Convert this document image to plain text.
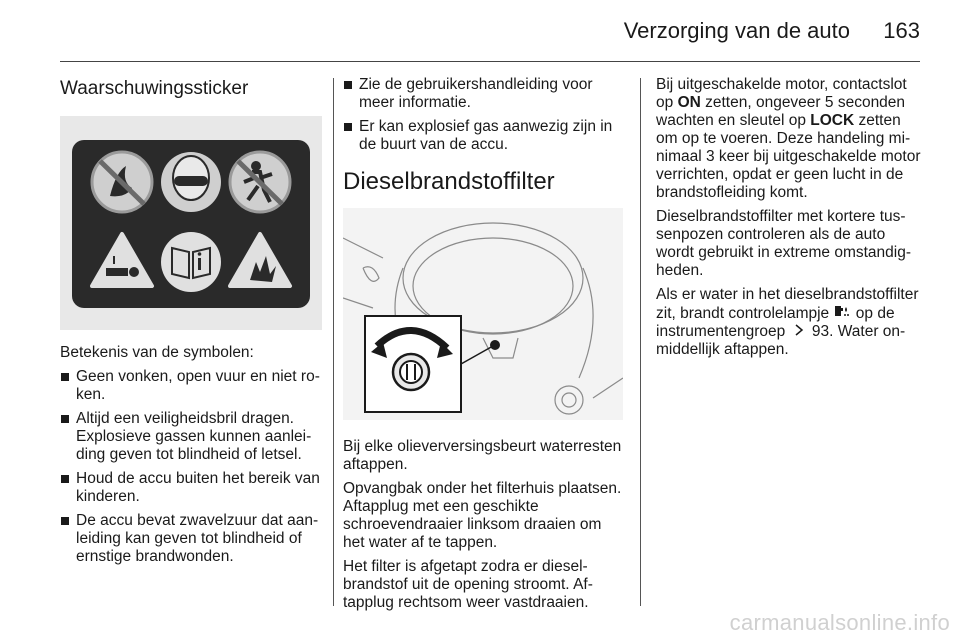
Verzorging van de auto 163
Waarschuwingssticker

Betekenis van de symbolen:

Geen vonken, open vuur en niet roken.
Altijd een veiligheidsbril dragen. Explosieve gassen kunnen aanleiding geven tot blindheid of letsel.
Houd de accu buiten het bereik van kinderen.
De accu bevat zwavelzuur dat aanleiding kan geven tot blindheid of ernstige brandwonden.
Zie de gebruikershandleiding voor meer informatie.
Er kan explosief gas aanwezig zijn in de buurt van de accu.
Dieselbrandstoffilter

Bij elke olieverversingsbeurt waterresten aftappen.

Opvangbak onder het filterhuis plaatsen. Aftapplug met een geschikte schroevendraaier linksom draaien om het water af te tappen.

Het filter is afgetapt zodra er dieselbrandstof uit de opening stroomt. Aftapplug rechtsom weer vastdraaien.

Bij uitgeschakelde motor, contactslot op ON zetten, ongeveer 5 seconden wachten en sleutel op LOCK zetten om op te voeren. Deze handeling minimaal 3 keer bij uitgeschakelde motor verrichten, opdat er geen lucht in de brandstofleiding komt.

Dieselbrandstoffilter met kortere tussenpozen controleren als de auto wordt gebruikt in extreme omstandigheden.

Als er water in het dieselbrandstoffilter zit, brandt controlelampje  op de instrumentengroep  93. Water onmiddellijk aftappen.

carmanualsonline.info
